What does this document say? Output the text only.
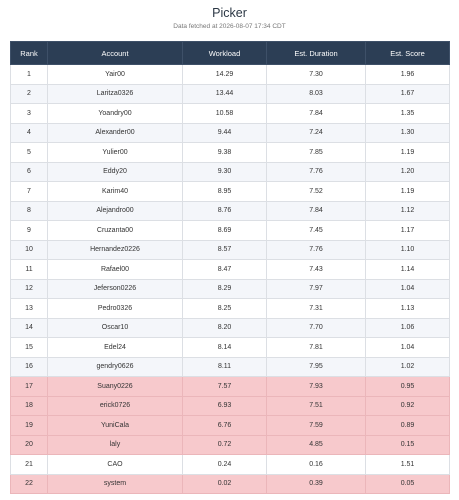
Picker
Data fetched at 2026-08-07 17:34 CDT
Rank	Account	Workload	Est. Duration	Est. Score
1	Yair00	14.29	7.30	1.96
2	Laritza0326	13.44	8.03	1.67
3	Yoandry00	10.58	7.84	1.35
4	Alexander00	9.44	7.24	1.30
5	Yulier00	9.38	7.85	1.19
6	Eddy20	9.30	7.76	1.20
7	Karim40	8.95	7.52	1.19
8	Alejandro00	8.76	7.84	1.12
9	Cruzanta00	8.69	7.45	1.17
10	Hernandez0226	8.57	7.76	1.10
11	Rafael00	8.47	7.43	1.14
12	Jeferson0226	8.29	7.97	1.04
13	Pedro0326	8.25	7.31	1.13
14	Oscar10	8.20	7.70	1.06
15	Edel24	8.14	7.81	1.04
16	gendry0626	8.11	7.95	1.02
17	Suany0226	7.57	7.93	0.95
18	erick0726	6.93	7.51	0.92
19	YuniCala	6.76	7.59	0.89
20	laly	0.72	4.85	0.15
21	CAO	0.24	0.16	1.51
22	system	0.02	0.39	0.05
